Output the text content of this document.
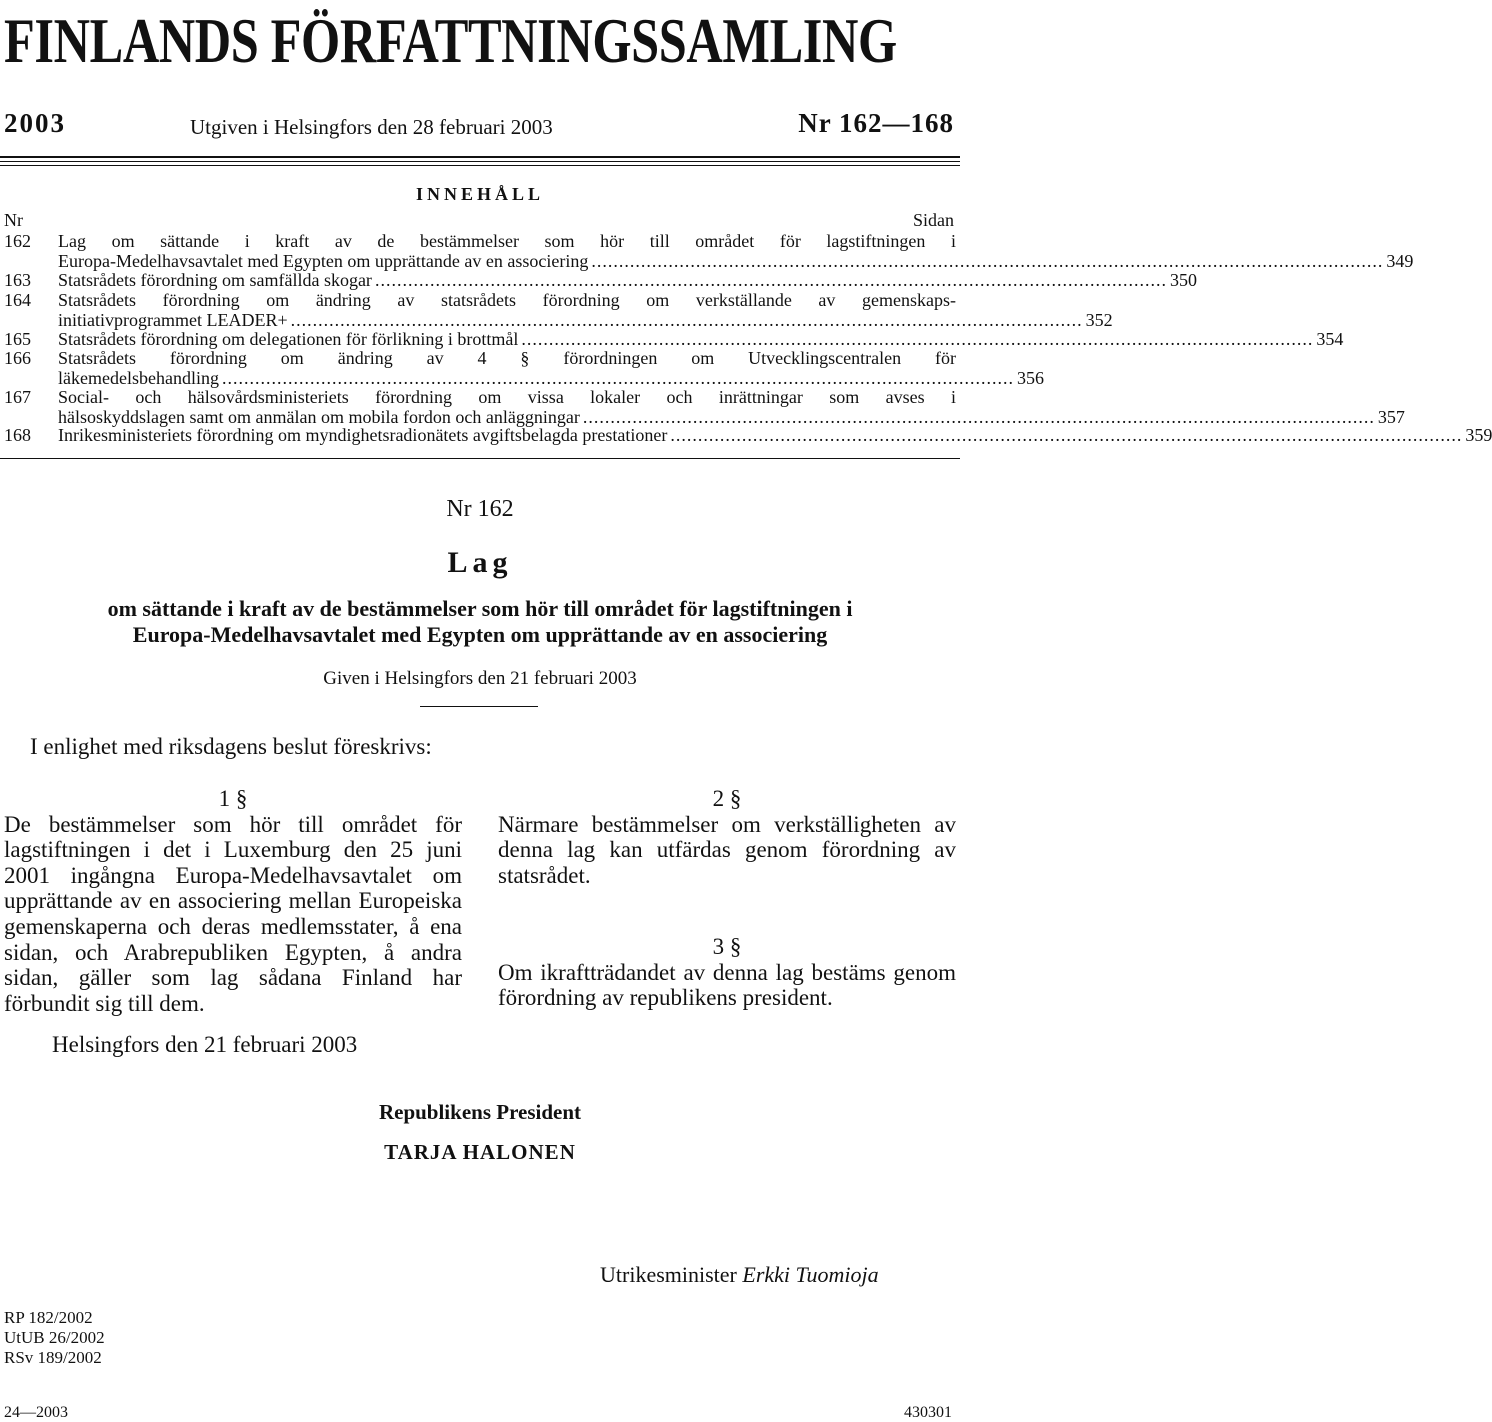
FINLANDS FÖRFATTNINGSSAMLING
2003	Utgiven i Helsingfors den 28 februari 2003	Nr 162—168
INNEHÅLL
Nr	Sidan
162	Lag om sättande i kraft av de bestämmelser som hör till området för lagstiftningen i
Europa-Medelhavsavtalet med Egypten om upprättande av en associering ................................................................................................................................................ 349
163	Statsrådets förordning om samfällda skogar ................................................................................................................................................ 350
164	Statsrådets förordning om ändring av statsrådets förordning om verkställande av gemenskaps-
initiativprogrammet LEADER+ ................................................................................................................................................ 352
165	Statsrådets förordning om delegationen för förlikning i brottmål ................................................................................................................................................ 354
166	Statsrådets förordning om ändring av 4 § förordningen om Utvecklingscentralen för
läkemedelsbehandling ................................................................................................................................................ 356
167	Social- och hälsovårdsministeriets förordning om vissa lokaler och inrättningar som avses i
hälsoskyddslagen samt om anmälan om mobila fordon och anläggningar ................................................................................................................................................ 357
168	Inrikesministeriets förordning om myndighetsradionätets avgiftsbelagda prestationer ................................................................................................................................................ 359
Nr 162
Lag
om sättande i kraft av de bestämmelser som hör till området för lagstiftningen i
Europa-Medelhavsavtalet med Egypten om upprättande av en associering
Given i Helsingfors den 21 februari 2003
I enlighet med riksdagens beslut föreskrivs:
1 §
De bestämmelser som hör till området för lagstiftningen i det i Luxemburg den 25 juni 2001 ingångna Europa-Medelhavsavtalet om upprättande av en associering mellan Europeiska gemenskaperna och deras medlemsstater, å ena sidan, och Arabrepubliken Egypten, å andra sidan, gäller som lag sådana Finland har förbundit sig till dem.
2 §
Närmare bestämmelser om verkställigheten av denna lag kan utfärdas genom förordning av statsrådet.
3 §
Om ikraftträdandet av denna lag bestäms genom förordning av republikens president.
Helsingfors den 21 februari 2003
Republikens President
TARJA HALONEN
Utrikesminister Erkki Tuomioja
RP 182/2002
UtUB 26/2002
RSv 189/2002
24—2003	430301
